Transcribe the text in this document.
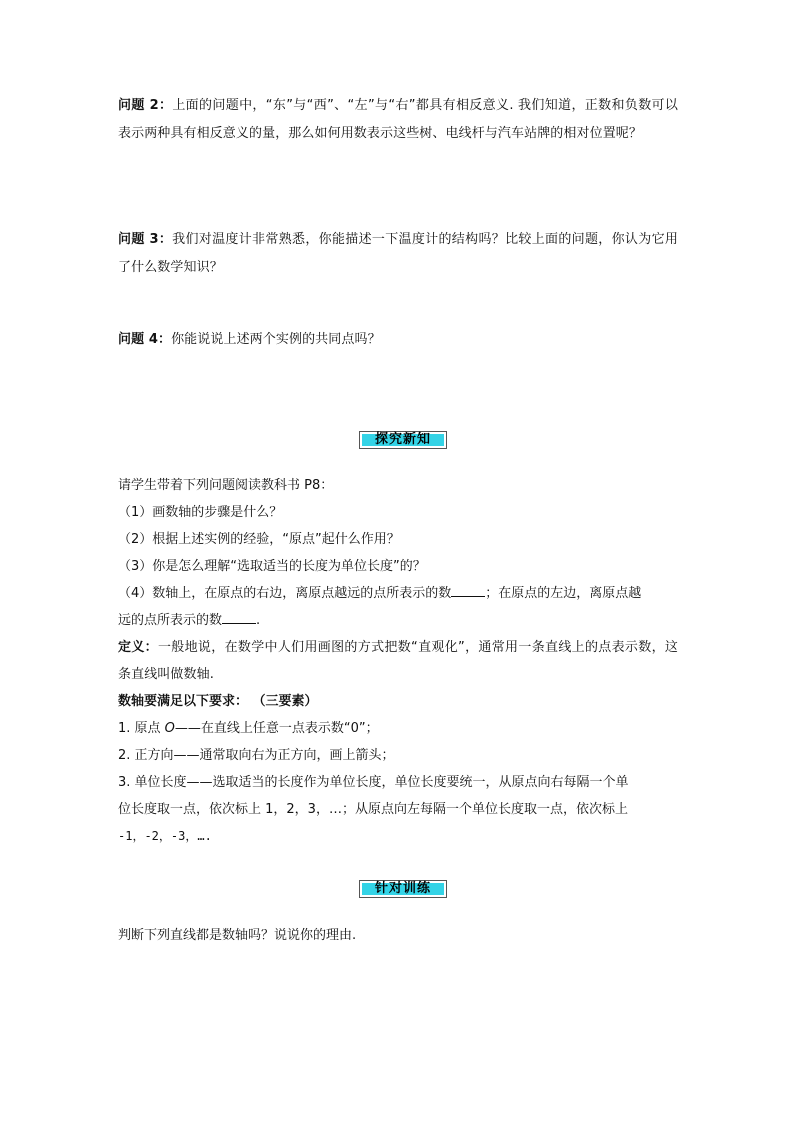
问题 2：上面的问题中，“东”与“西”、“左”与“右”都具有相反意义. 我们知道，正数和负数可以表示两种具有相反意义的量，那么如何用数表示这些树、电线杆与汽车站牌的相对位置呢？

问题 3：我们对温度计非常熟悉，你能描述一下温度计的结构吗？比较上面的问题，你认为它用了什么数学知识？

问题 4：你能说说上述两个实例的共同点吗？

探究新知

请学生带着下列问题阅读教科书 P8：

（1）画数轴的步骤是什么？

（2）根据上述实例的经验，“原点”起什么作用？

（3）你是怎么理解“选取适当的长度为单位长度”的？

（4）数轴上，在原点的右边，离原点越远的点所表示的数	；在原点的左边，离原点越

远的点所表示的数	.

定义：一般地说，在数学中人们用画图的方式把数“直观化”，通常用一条直线上的点表示数，这条直线叫做数轴.

数轴要满足以下要求： （三要素）

1. 原点 O——在直线上任意一点表示数“0”；

2. 正方向——通常取向右为正方向，画上箭头；

3. 单位长度——选取适当的长度作为单位长度，单位长度要统一，从原点向右每隔一个单

位长度取一点，依次标上 1，2，3，…；从原点向左每隔一个单位长度取一点，依次标上

-1，-2，-3，….

针对训练

判断下列直线都是数轴吗？说说你的理由.
